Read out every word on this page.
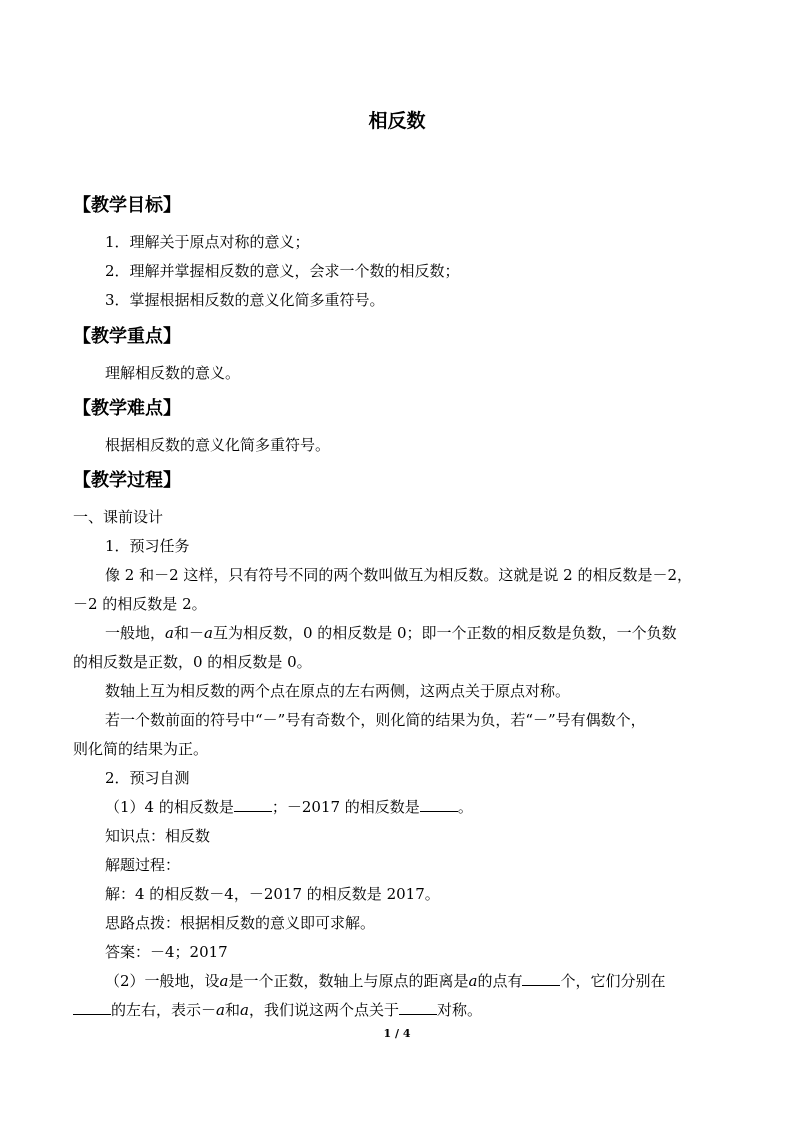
相反数
【教学目标】
1．理解关于原点对称的意义；
2．理解并掌握相反数的意义，会求一个数的相反数；
3．掌握根据相反数的意义化简多重符号。
【教学重点】
理解相反数的意义。
【教学难点】
根据相反数的意义化简多重符号。
【教学过程】
一、课前设计
1．预习任务
像 2 和－2 这样，只有符号不同的两个数叫做互为相反数。这就是说 2 的相反数是－2，
－2 的相反数是 2。
一般地，a和－a互为相反数，0 的相反数是 0；即一个正数的相反数是负数，一个负数
的相反数是正数，0 的相反数是 0。
数轴上互为相反数的两个点在原点的左右两侧，这两点关于原点对称。
若一个数前面的符号中“－”号有奇数个，则化简的结果为负，若“－”号有偶数个，
则化简的结果为正。
2．预习自测
（1）4 的相反数是	；－2017 的相反数是	。
知识点：相反数
解题过程：
解：4 的相反数－4，－2017 的相反数是 2017。
思路点拨：根据相反数的意义即可求解。
答案：－4；2017
（2）一般地，设a是一个正数，数轴上与原点的距离是a的点有	个，它们分别在
的左右，表示－a和a，我们说这两个点关于	对称。
1 / 4
